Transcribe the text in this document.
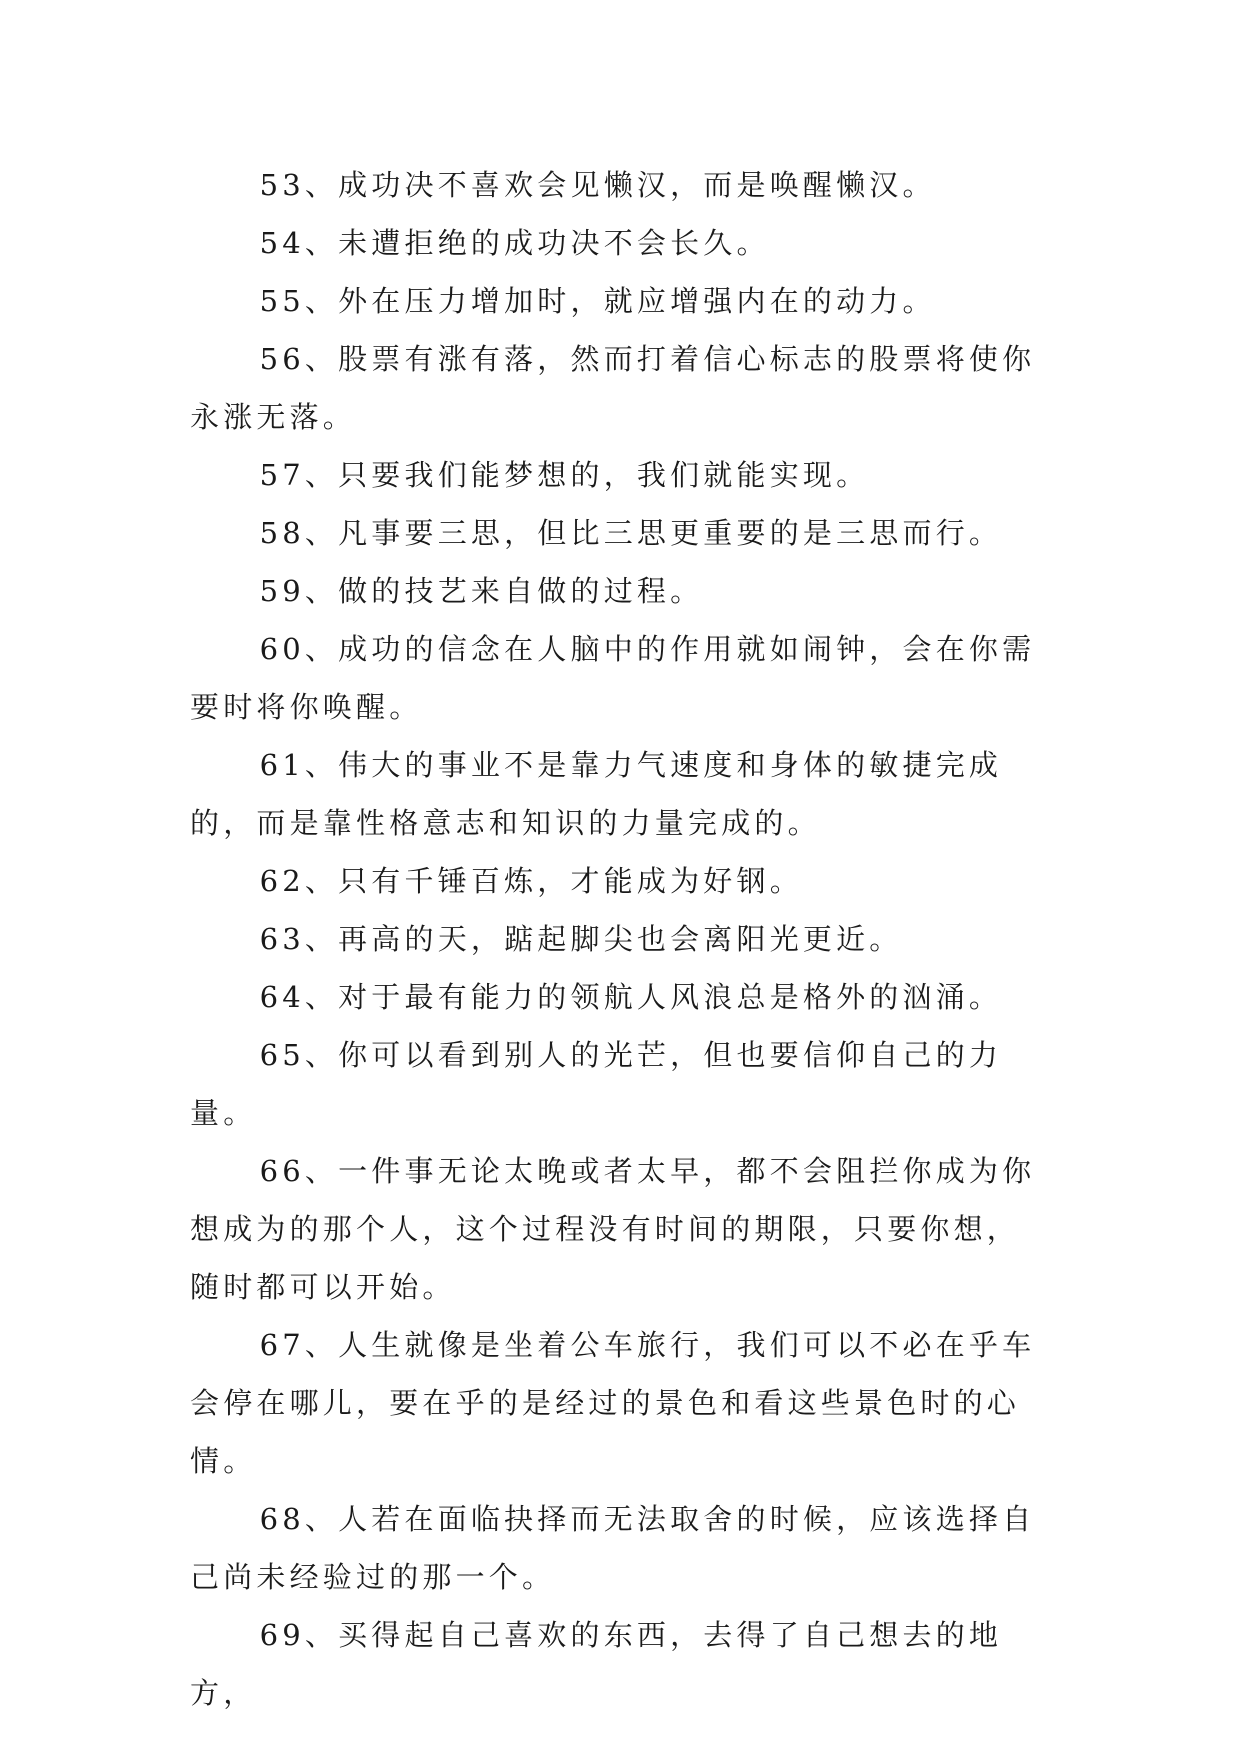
53、成功决不喜欢会见懒汉，而是唤醒懒汉。

54、未遭拒绝的成功决不会长久。

55、外在压力增加时，就应增强内在的动力。

56、股票有涨有落，然而打着信心标志的股票将使你永涨无落。

57、只要我们能梦想的，我们就能实现。

58、凡事要三思，但比三思更重要的是三思而行。

59、做的技艺来自做的过程。

60、成功的信念在人脑中的作用就如闹钟，会在你需要时将你唤醒。

61、伟大的事业不是靠力气速度和身体的敏捷完成的，而是靠性格意志和知识的力量完成的。

62、只有千锤百炼，才能成为好钢。

63、再高的天，踮起脚尖也会离阳光更近。

64、对于最有能力的领航人风浪总是格外的汹涌。

65、你可以看到别人的光芒，但也要信仰自己的力量。

66、一件事无论太晚或者太早，都不会阻拦你成为你想成为的那个人，这个过程没有时间的期限，只要你想，随时都可以开始。

67、人生就像是坐着公车旅行，我们可以不必在乎车会停在哪儿，要在乎的是经过的景色和看这些景色时的心情。

68、人若在面临抉择而无法取舍的时候，应该选择自己尚未经验过的那一个。

69、买得起自己喜欢的东西，去得了自己想去的地方，
